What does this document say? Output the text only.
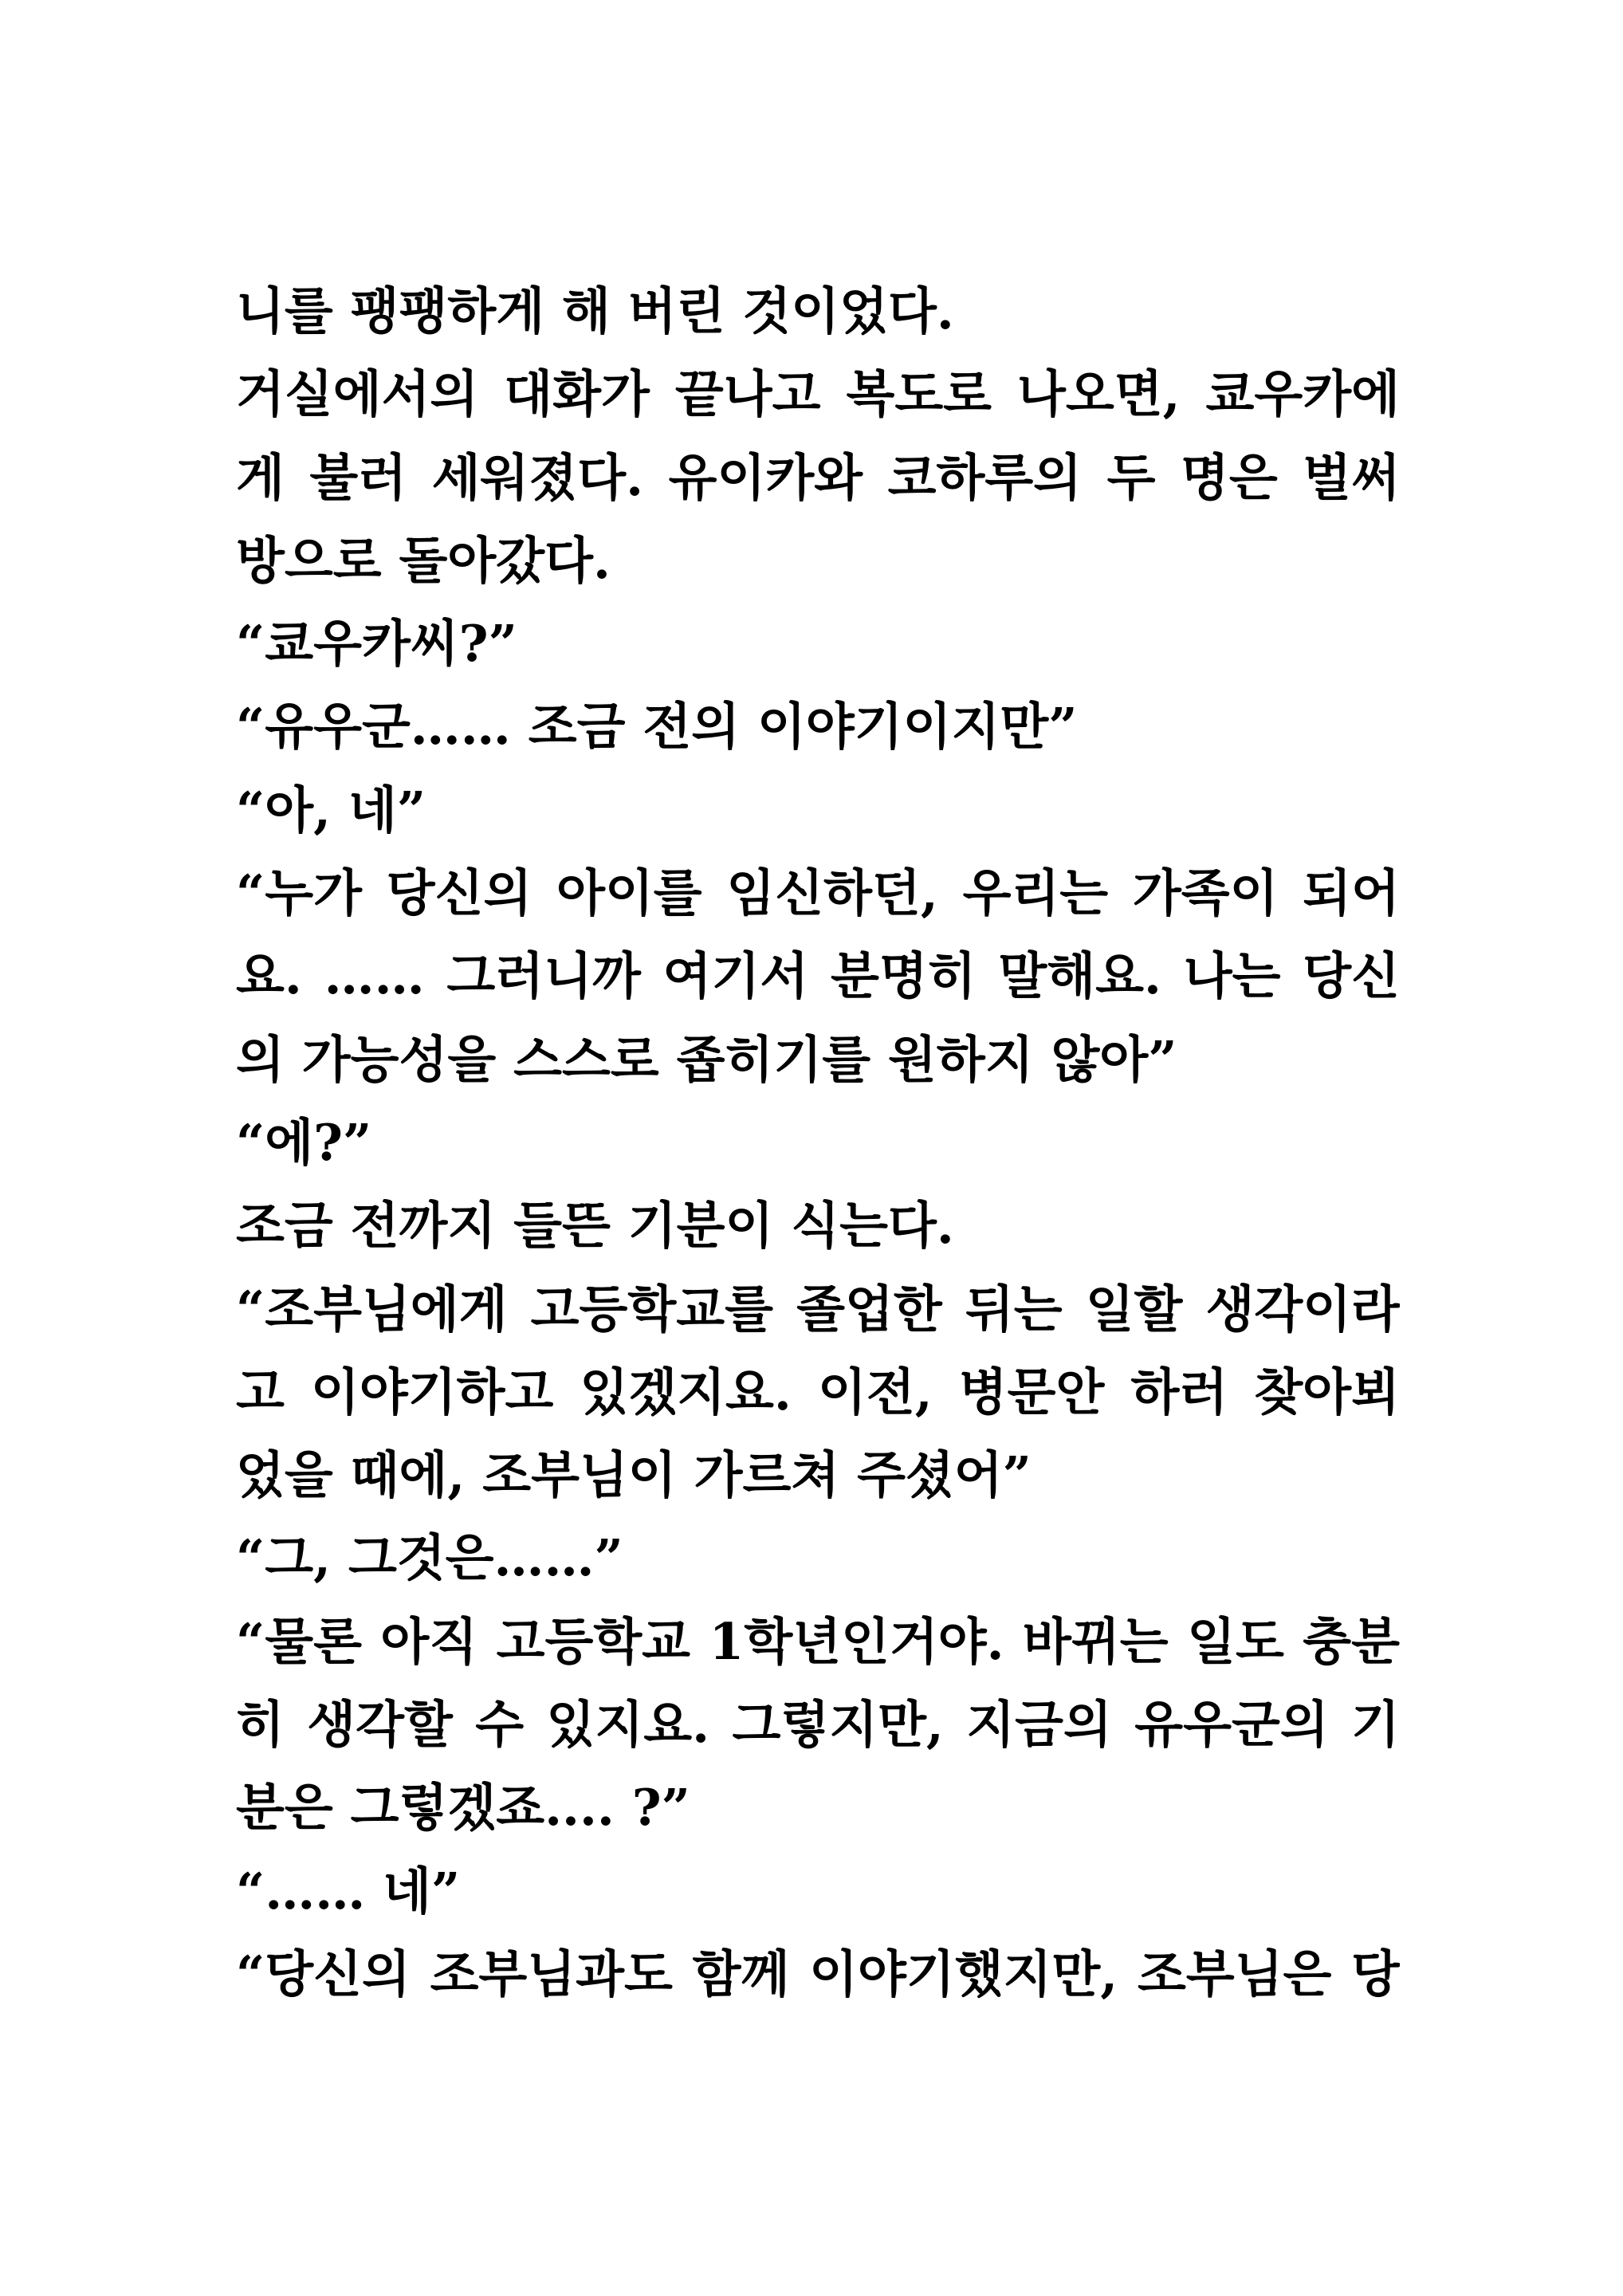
니를 팽팽하게 해 버린 것이었다.
거실에서의 대화가 끝나고 복도로 나오면, 쿄우카에
게 불러 세워졌다. 유이카와 코하루의 두 명은 벌써
방으로 돌아갔다.
“쿄우카씨?”
“유우군…… 조금 전의 이야기이지만”
“아, 네”
“누가 당신의 아이를 임신하던, 우리는 가족이 되어
요. …… 그러니까 여기서 분명히 말해요. 나는 당신
의 가능성을 스스로 좁히기를 원하지 않아”
“에?”
조금 전까지 들뜬 기분이 식는다.
“조부님에게 고등학교를 졸업한 뒤는 일할 생각이라
고 이야기하고 있겠지요. 이전, 병문안 하러 찾아뵈
었을 때에, 조부님이 가르쳐 주셨어”
“그, 그것은……”
“물론 아직 고등학교 1학년인거야. 바뀌는 일도 충분
히 생각할 수 있지요. 그렇지만, 지금의 유우군의 기
분은 그렇겠죠.... ?”
“…… 네”
“당신의 조부님과도 함께 이야기했지만, 조부님은 당
